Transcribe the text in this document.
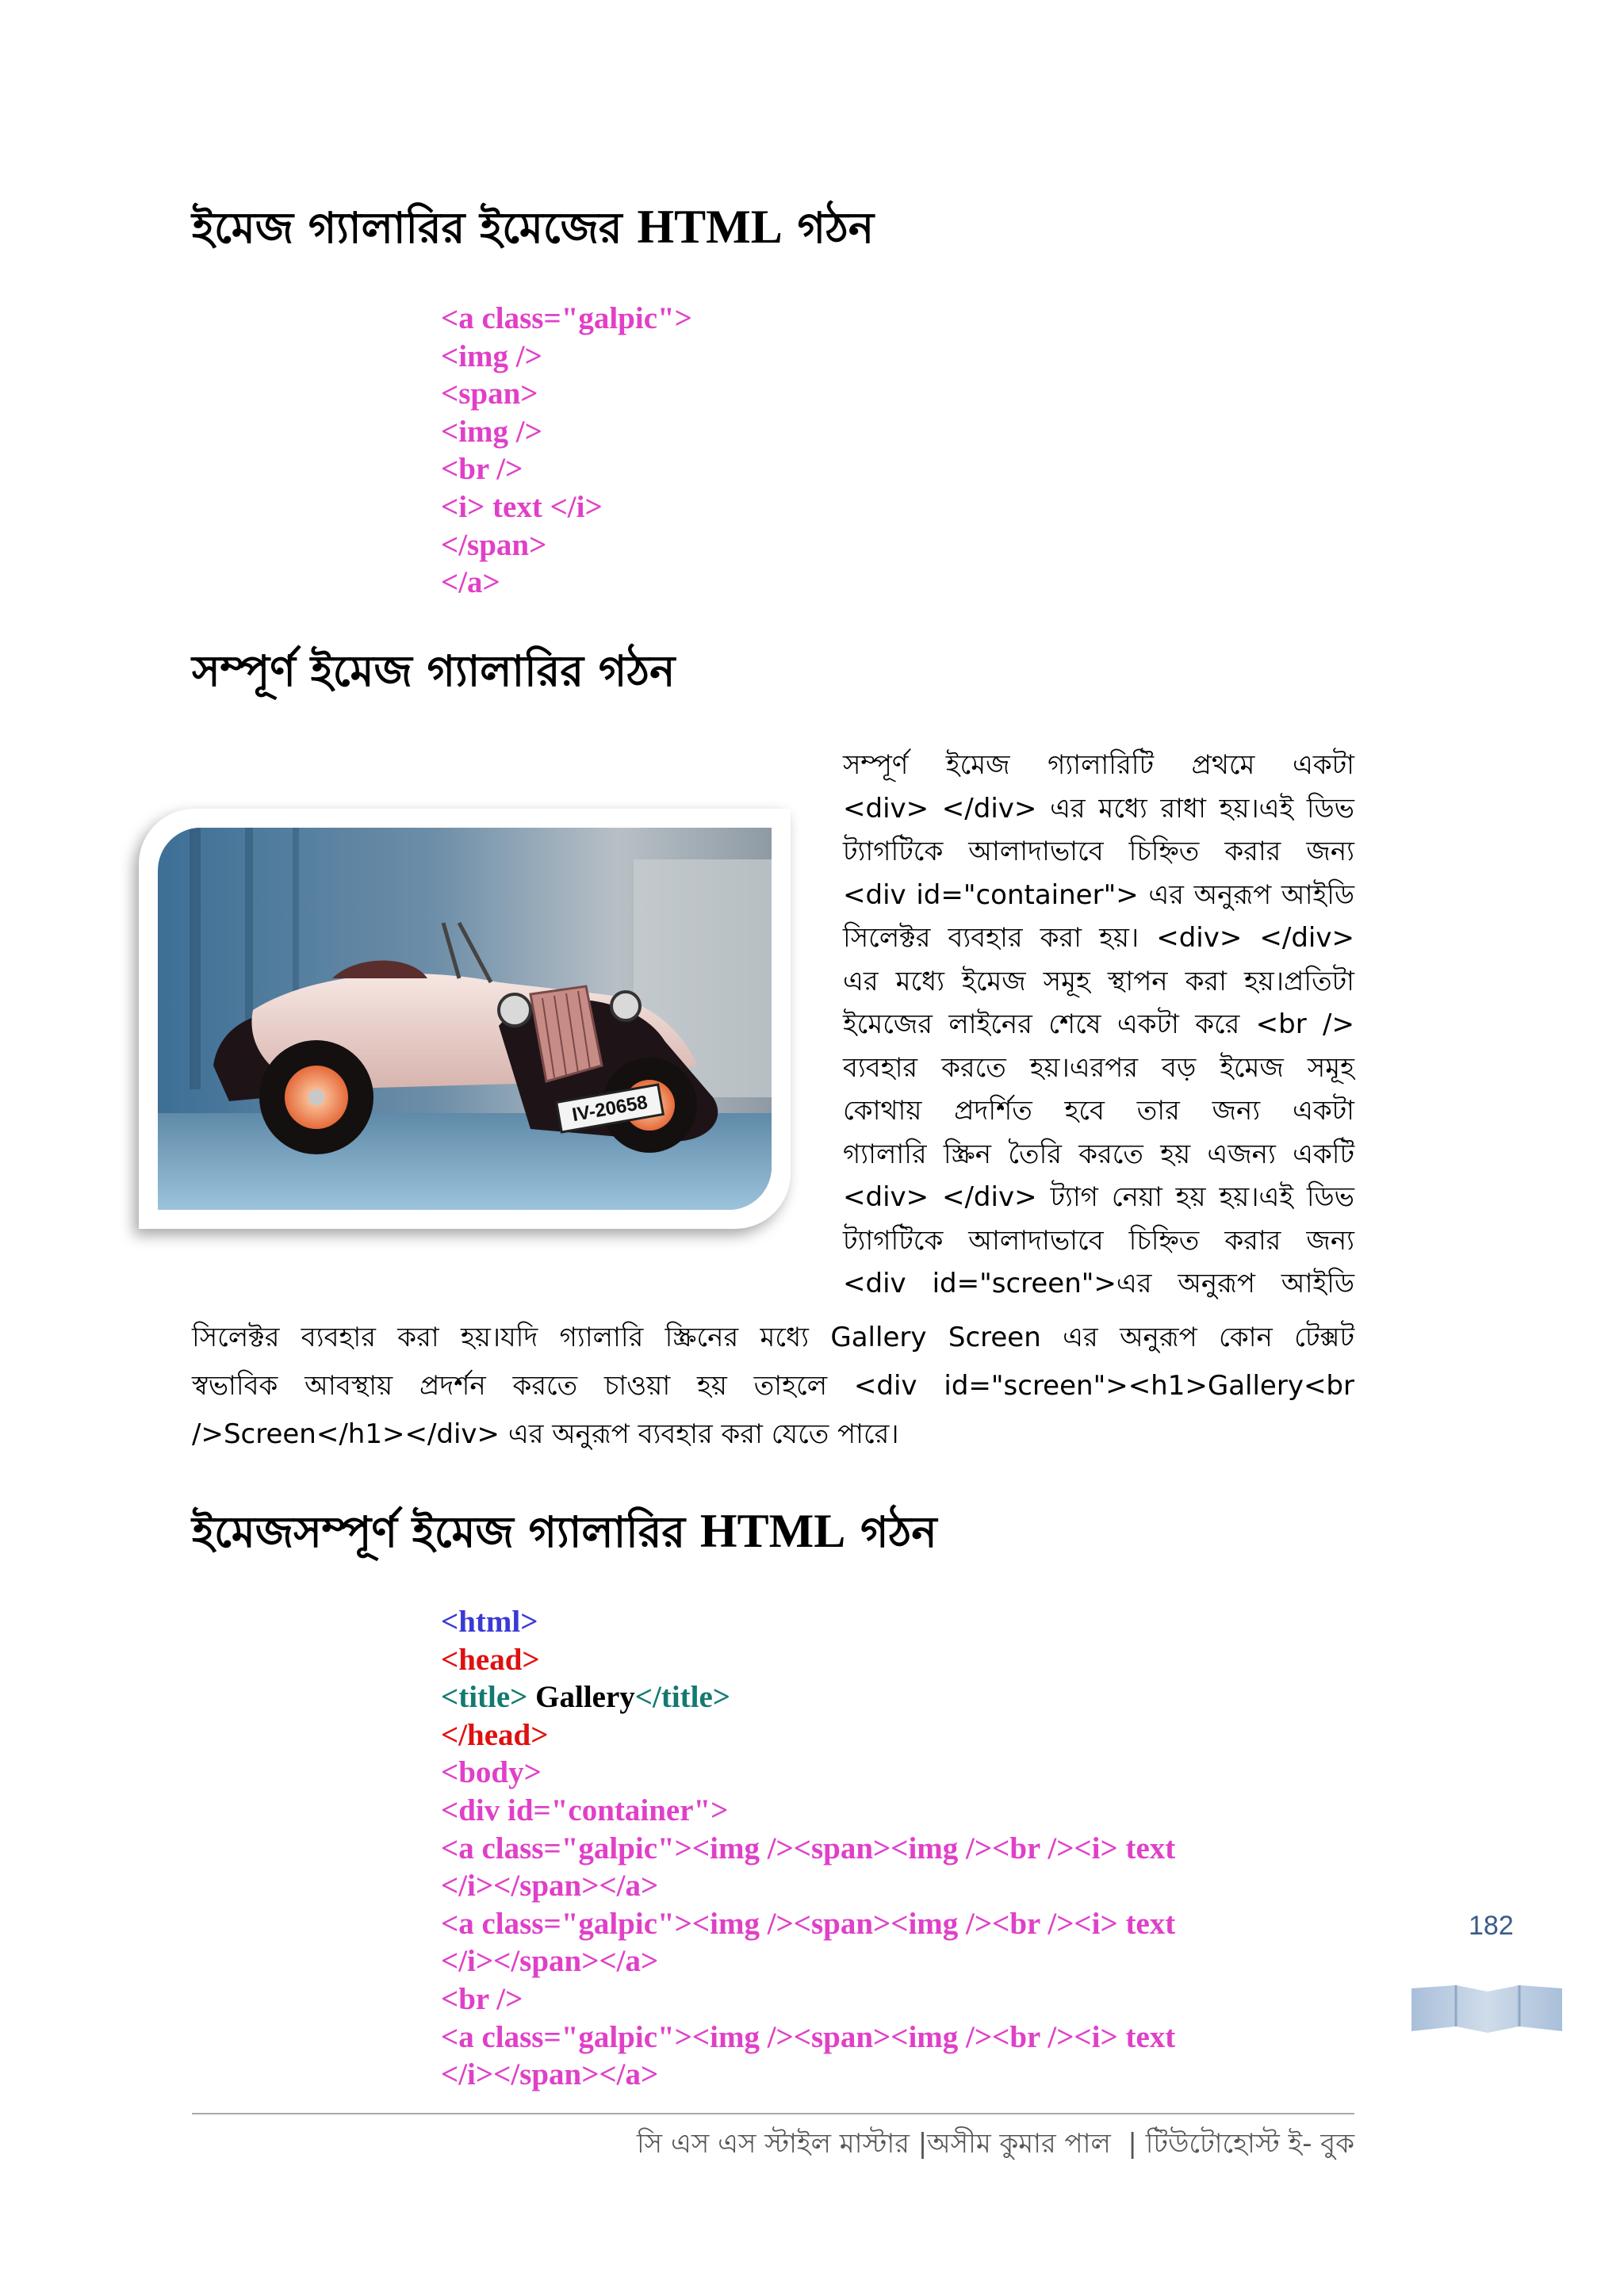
ইমেজ গ্যালারির ইমেজের HTML গঠন
<a class="galpic">
<img />
<span>
<img />
<br />
<i> text </i>
</span>
</a>
সম্পূর্ণ ইমেজ গ্যালারির গঠন
IV-20658

সম্পূর্ণ ইমেজ গ্যালারিটি প্রথমে একটা

<div> </div> এর মধ্যে রাধা হয়।এই ডিভ

ট্যাগটিকে আলাদাভাবে চিহ্নিত করার জন্য

<div id="container"> এর অনুরূপ আইডি

সিলেক্টর ব্যবহার করা হয়। <div> </div>

এর মধ্যে ইমেজ সমূহ স্থাপন করা হয়।প্রতিটা

ইমেজের লাইনের শেষে একটা করে <br />

ব্যবহার করতে হয়।এরপর বড় ইমেজ সমূহ

কোথায় প্রদর্শিত হবে তার জন্য একটা

গ্যালারি স্ক্রিন তৈরি করতে হয় এজন্য একটি

<div> </div> ট্যাগ নেয়া হয় হয়।এই ডিভ

ট্যাগটিকে আলাদাভাবে চিহ্নিত করার জন্য

<div id="screen">এর অনুরূপ আইডি

সিলেক্টর ব্যবহার করা হয়।যদি গ্যালারি স্ক্রিনের মধ্যে Gallery Screen এর অনুরূপ কোন টেক্সট

স্বভাবিক আবস্থায় প্রদর্শন করতে চাওয়া হয় তাহলে <div id="screen"><h1>Gallery<br

/>Screen</h1></div> এর অনুরূপ ব্যবহার করা যেতে পারে।

ইমেজসম্পূর্ণ ইমেজ গ্যালারির HTML গঠন
<html>
<head>
<title> Gallery</title>
</head>
<body>
<div id="container">
<a class="galpic"><img /><span><img /><br /><i> text
</i></span></a>
<a class="galpic"><img /><span><img /><br /><i> text
</i></span></a>
<br />
<a class="galpic"><img /><span><img /><br /><i> text
</i></span></a>
182
সি এস এস স্টাইল মাস্টার |অসীম কুমার পাল  | টিউটোহোস্ট ই- বুক
